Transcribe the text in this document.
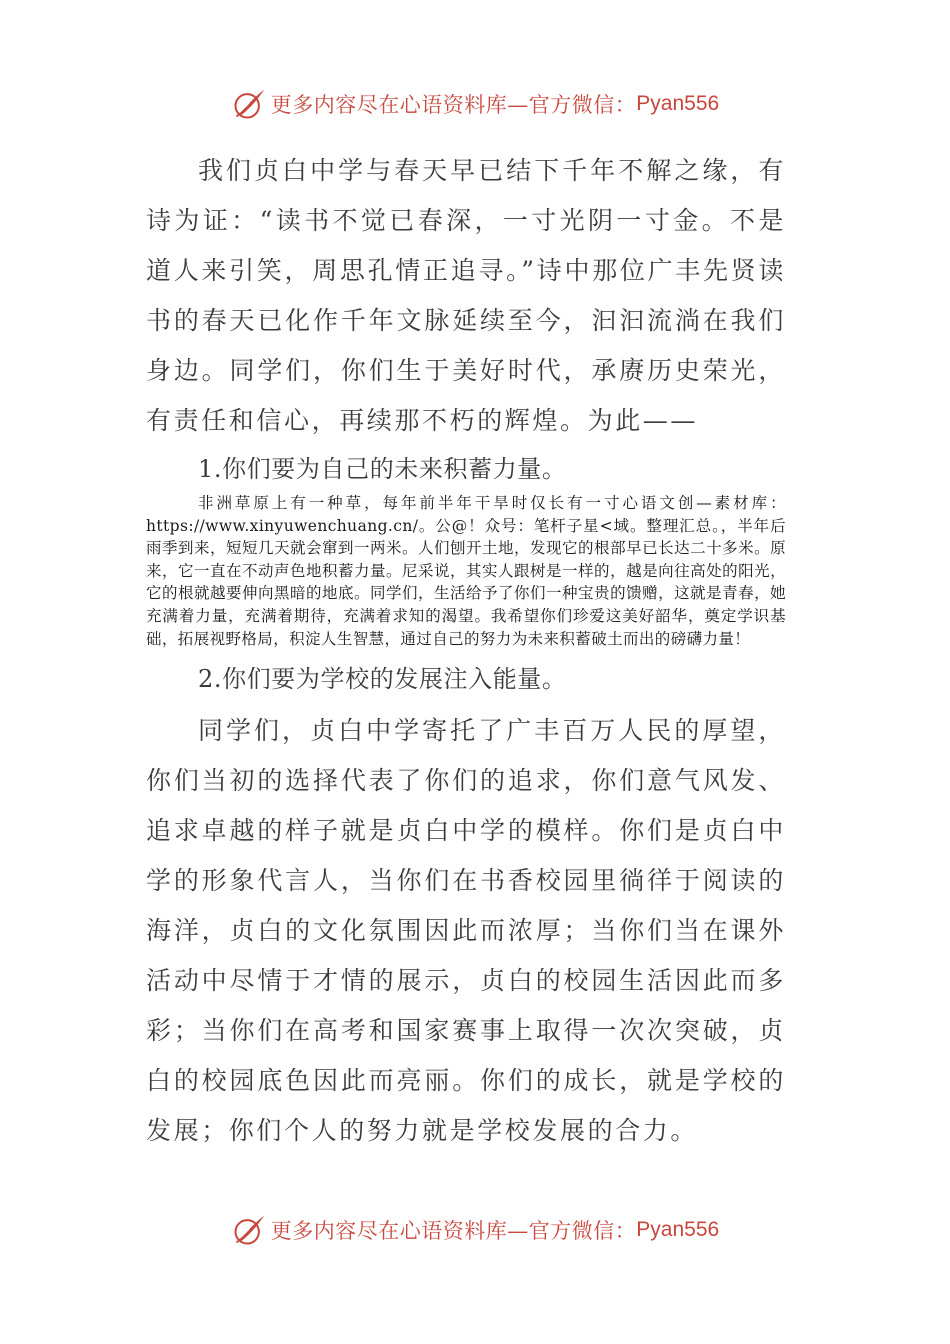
更多内容尽在心语资料库—官方微信： Pyan556

我们贞白中学与春天早已结下千年不解之缘，有诗为证：“读书不觉已春深，一寸光阴一寸金。不是道人来引笑，周思孔情正追寻。”诗中那位广丰先贤读书的春天已化作千年文脉延续至今，汩汩流淌在我们身边。同学们，你们生于美好时代，承赓历史荣光，有责任和信心，再续那不朽的辉煌。为此——

1.你们要为自己的未来积蓄力量。

非洲草原上有一种草，每年前半年干旱时仅长有一寸心语文创—素材库：https://www.xinyuwenchuang.cn/。公@！众号：笔杆子星<域。整理汇总。，半年后雨季到来，短短几天就会窜到一两米。人们刨开土地，发现它的根部早已长达二十多米。原来，它一直在不动声色地积蓄力量。尼采说，其实人跟树是一样的，越是向往高处的阳光，它的根就越要伸向黑暗的地底。同学们，生活给予了你们一种宝贵的馈赠，这就是青春，她充满着力量，充满着期待，充满着求知的渴望。我希望你们珍爱这美好韶华，奠定学识基础，拓展视野格局，积淀人生智慧，通过自己的努力为未来积蓄破土而出的磅礴力量！

2.你们要为学校的发展注入能量。

同学们，贞白中学寄托了广丰百万人民的厚望，你们当初的选择代表了你们的追求，你们意气风发、追求卓越的样子就是贞白中学的模样。你们是贞白中学的形象代言人，当你们在书香校园里徜徉于阅读的海洋，贞白的文化氛围因此而浓厚；当你们当在课外活动中尽情于才情的展示，贞白的校园生活因此而多彩；当你们在高考和国家赛事上取得一次次突破，贞白的校园底色因此而亮丽。你们的成长，就是学校的发展；你们个人的努力就是学校发展的合力。

更多内容尽在心语资料库—官方微信： Pyan556
